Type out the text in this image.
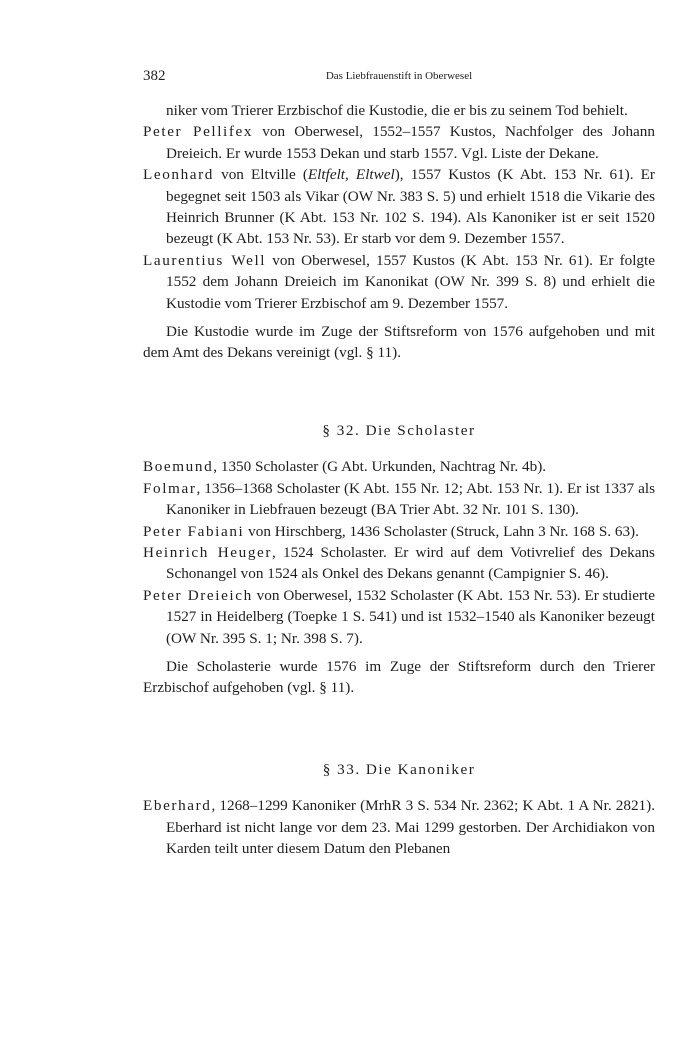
382	Das Liebfrauenstift in Oberwesel

niker vom Trierer Erzbischof die Kustodie, die er bis zu seinem Tod behielt.

Peter Pellifex von Oberwesel, 1552–1557 Kustos, Nachfolger des Johann Dreieich. Er wurde 1553 Dekan und starb 1557. Vgl. Liste der Dekane.

Leonhard von Eltville (Eltfelt, Eltwel), 1557 Kustos (K Abt. 153 Nr. 61). Er begegnet seit 1503 als Vikar (OW Nr. 383 S. 5) und erhielt 1518 die Vikarie des Heinrich Brunner (K Abt. 153 Nr. 102 S. 194). Als Kanoniker ist er seit 1520 bezeugt (K Abt. 153 Nr. 53). Er starb vor dem 9. Dezember 1557.

Laurentius Well von Oberwesel, 1557 Kustos (K Abt. 153 Nr. 61). Er folgte 1552 dem Johann Dreieich im Kanonikat (OW Nr. 399 S. 8) und erhielt die Kustodie vom Trierer Erzbischof am 9. Dezember 1557.

Die Kustodie wurde im Zuge der Stiftsreform von 1576 aufgehoben und mit dem Amt des Dekans vereinigt (vgl. § 11).

§ 32. Die Scholaster

Boemund, 1350 Scholaster (G Abt. Urkunden, Nachtrag Nr. 4b).

Folmar, 1356–1368 Scholaster (K Abt. 155 Nr. 12; Abt. 153 Nr. 1). Er ist 1337 als Kanoniker in Liebfrauen bezeugt (BA Trier Abt. 32 Nr. 101 S. 130).

Peter Fabiani von Hirschberg, 1436 Scholaster (Struck, Lahn 3 Nr. 168 S. 63).

Heinrich Heuger, 1524 Scholaster. Er wird auf dem Votivrelief des Dekans Schonangel von 1524 als Onkel des Dekans genannt (Campignier S. 46).

Peter Dreieich von Oberwesel, 1532 Scholaster (K Abt. 153 Nr. 53). Er studierte 1527 in Heidelberg (Toepke 1 S. 541) und ist 1532–1540 als Kanoniker bezeugt (OW Nr. 395 S. 1; Nr. 398 S. 7).

Die Scholasterie wurde 1576 im Zuge der Stiftsreform durch den Trierer Erzbischof aufgehoben (vgl. § 11).

§ 33. Die Kanoniker

Eberhard, 1268–1299 Kanoniker (MrhR 3 S. 534 Nr. 2362; K Abt. 1 A Nr. 2821). Eberhard ist nicht lange vor dem 23. Mai 1299 gestorben. Der Archidiakon von Karden teilt unter diesem Datum den Plebanen
